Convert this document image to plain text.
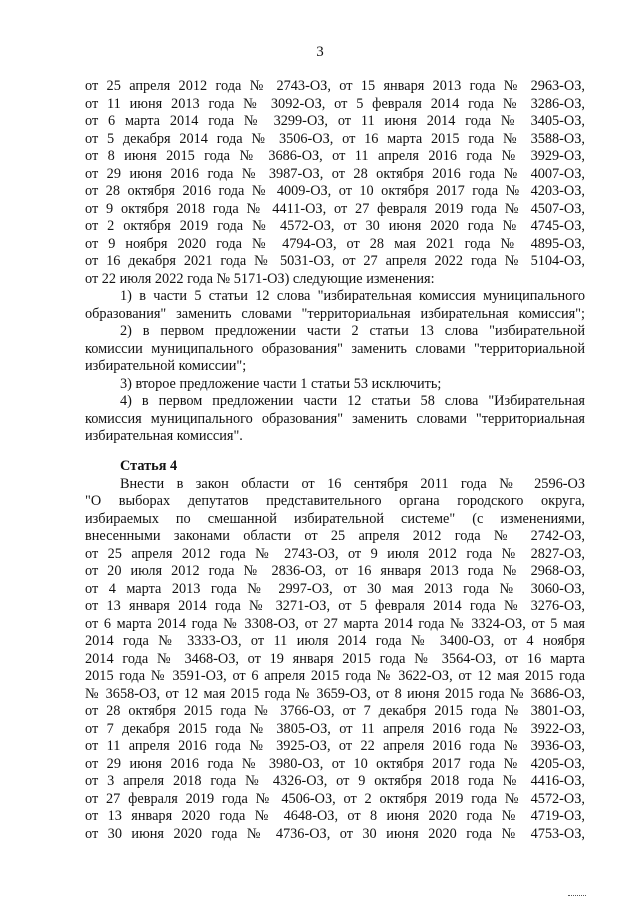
3
от 25 апреля 2012 года № 2743-ОЗ, от 15 января 2013 года № 2963-ОЗ,
от 11 июня 2013 года № 3092-ОЗ, от 5 февраля 2014 года № 3286-ОЗ,
от 6 марта 2014 года № 3299-ОЗ, от 11 июня 2014 года № 3405-ОЗ,
от 5 декабря 2014 года № 3506-ОЗ, от 16 марта 2015 года № 3588-ОЗ,
от 8 июня 2015 года № 3686-ОЗ, от 11 апреля 2016 года № 3929-ОЗ,
от 29 июня 2016 года № 3987-ОЗ, от 28 октября 2016 года № 4007-ОЗ,
от 28 октября 2016 года № 4009-ОЗ, от 10 октября 2017 года № 4203-ОЗ,
от 9 октября 2018 года № 4411-ОЗ, от 27 февраля 2019 года № 4507-ОЗ,
от 2 октября 2019 года № 4572-ОЗ, от 30 июня 2020 года № 4745-ОЗ,
от 9 ноября 2020 года № 4794-ОЗ, от 28 мая 2021 года № 4895-ОЗ,
от 16 декабря 2021 года № 5031-ОЗ, от 27 апреля 2022 года № 5104-ОЗ,
от 22 июля 2022 года № 5171-ОЗ) следующие изменения:
1) в части 5 статьи 12 слова "избирательная комиссия муниципального
образования" заменить словами "территориальная избирательная комиссия";
2) в первом предложении части 2 статьи 13 слова "избирательной
комиссии муниципального образования" заменить словами "территориальной
избирательной комиссии";
3) второе предложение части 1 статьи 53 исключить;
4) в первом предложении части 12 статьи 58 слова "Избирательная
комиссия муниципального образования" заменить словами "территориальная
избирательная комиссия".
Статья 4
Внести в закон области от 16 сентября 2011 года № 2596-ОЗ
"О выборах депутатов представительного органа городского округа,
избираемых по смешанной избирательной системе" (с изменениями,
внесенными законами области от 25 апреля 2012 года № 2742-ОЗ,
от 25 апреля 2012 года № 2743-ОЗ, от 9 июля 2012 года № 2827-ОЗ,
от 20 июля 2012 года № 2836-ОЗ, от 16 января 2013 года № 2968-ОЗ,
от 4 марта 2013 года № 2997-ОЗ, от 30 мая 2013 года № 3060-ОЗ,
от 13 января 2014 года № 3271-ОЗ, от 5 февраля 2014 года № 3276-ОЗ,
от 6 марта 2014 года № 3308-ОЗ, от 27 марта 2014 года № 3324-ОЗ, от 5 мая
2014 года № 3333-ОЗ, от 11 июля 2014 года № 3400-ОЗ, от 4 ноября
2014 года № 3468-ОЗ, от 19 января 2015 года № 3564-ОЗ, от 16 марта
2015 года № 3591-ОЗ, от 6 апреля 2015 года № 3622-ОЗ, от 12 мая 2015 года
№ 3658-ОЗ, от 12 мая 2015 года № 3659-ОЗ, от 8 июня 2015 года № 3686-ОЗ,
от 28 октября 2015 года № 3766-ОЗ, от 7 декабря 2015 года № 3801-ОЗ,
от 7 декабря 2015 года № 3805-ОЗ, от 11 апреля 2016 года № 3922-ОЗ,
от 11 апреля 2016 года № 3925-ОЗ, от 22 апреля 2016 года № 3936-ОЗ,
от 29 июня 2016 года № 3980-ОЗ, от 10 октября 2017 года № 4205-ОЗ,
от 3 апреля 2018 года № 4326-ОЗ, от 9 октября 2018 года № 4416-ОЗ,
от 27 февраля 2019 года № 4506-ОЗ, от 2 октября 2019 года № 4572-ОЗ,
от 13 января 2020 года № 4648-ОЗ, от 8 июня 2020 года № 4719-ОЗ,
от 30 июня 2020 года № 4736-ОЗ, от 30 июня 2020 года № 4753-ОЗ,
